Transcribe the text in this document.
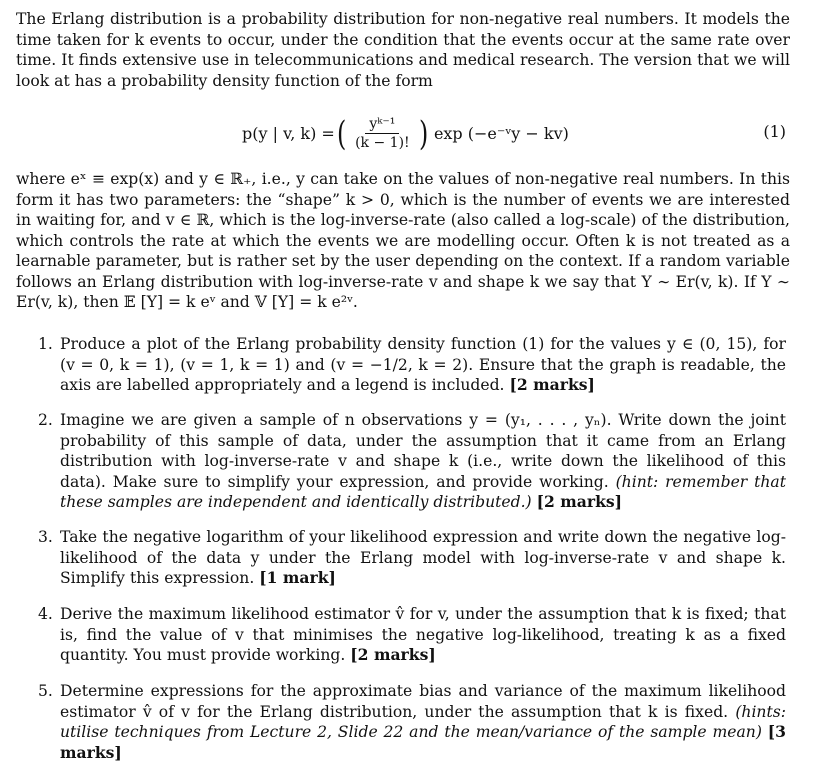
The Erlang distribution is a probability distribution for non-negative real numbers. It models the time taken for k events to occur, under the condition that the events occur at the same rate over time. It finds extensive use in telecommunications and medical research. The version that we will look at has a probability density function of the form
p(y | v, k) = ( $\frac{\text{yᵏ⁻¹}}{(k - 1)!}$ ) exp (−e⁻ᵛy − kv)	(1)
where eˣ ≡ exp(x) and y ∈ ℝ₊, i.e., y can take on the values of non-negative real numbers. In this form it has two parameters: the “shape” k > 0, which is the number of events we are interested in waiting for, and v ∈ ℝ, which is the log-inverse-rate (also called a log-scale) of the distribution, which controls the rate at which the events we are modelling occur. Often k is not treated as a learnable parameter, but is rather set by the user depending on the context. If a random variable follows an Erlang distribution with log-inverse-rate v and shape k we say that Y ∼ Er(v, k). If Y ∼ Er(v, k), then 𝔼 [Y] = k eᵛ and 𝕍 [Y] = k e²ᵛ.
1. Produce a plot of the Erlang probability density function (1) for the values y ∈ (0, 15), for (v = 0, k = 1), (v = 1, k = 1) and (v = −1/2, k = 2). Ensure that the graph is readable, the axis are labelled appropriately and a legend is included. [2 marks]
2. Imagine we are given a sample of n observations y = (y₁, . . . , yₙ). Write down the joint probability of this sample of data, under the assumption that it came from an Erlang distribution with log-inverse-rate v and shape k (i.e., write down the likelihood of this data). Make sure to simplify your expression, and provide working. (hint: remember that these samples are independent and identically distributed.) [2 marks]
3. Take the negative logarithm of your likelihood expression and write down the negative log-likelihood of the data y under the Erlang model with log-inverse-rate v and shape k. Simplify this expression. [1 mark]
4. Derive the maximum likelihood estimator v̂ for v, under the assumption that k is fixed; that is, find the value of v that minimises the negative log-likelihood, treating k as a fixed quantity. You must provide working. [2 marks]
5. Determine expressions for the approximate bias and variance of the maximum likelihood estimator v̂ of v for the Erlang distribution, under the assumption that k is fixed. (hints: utilise techniques from Lecture 2, Slide 22 and the mean/variance of the sample mean) [3 marks]
